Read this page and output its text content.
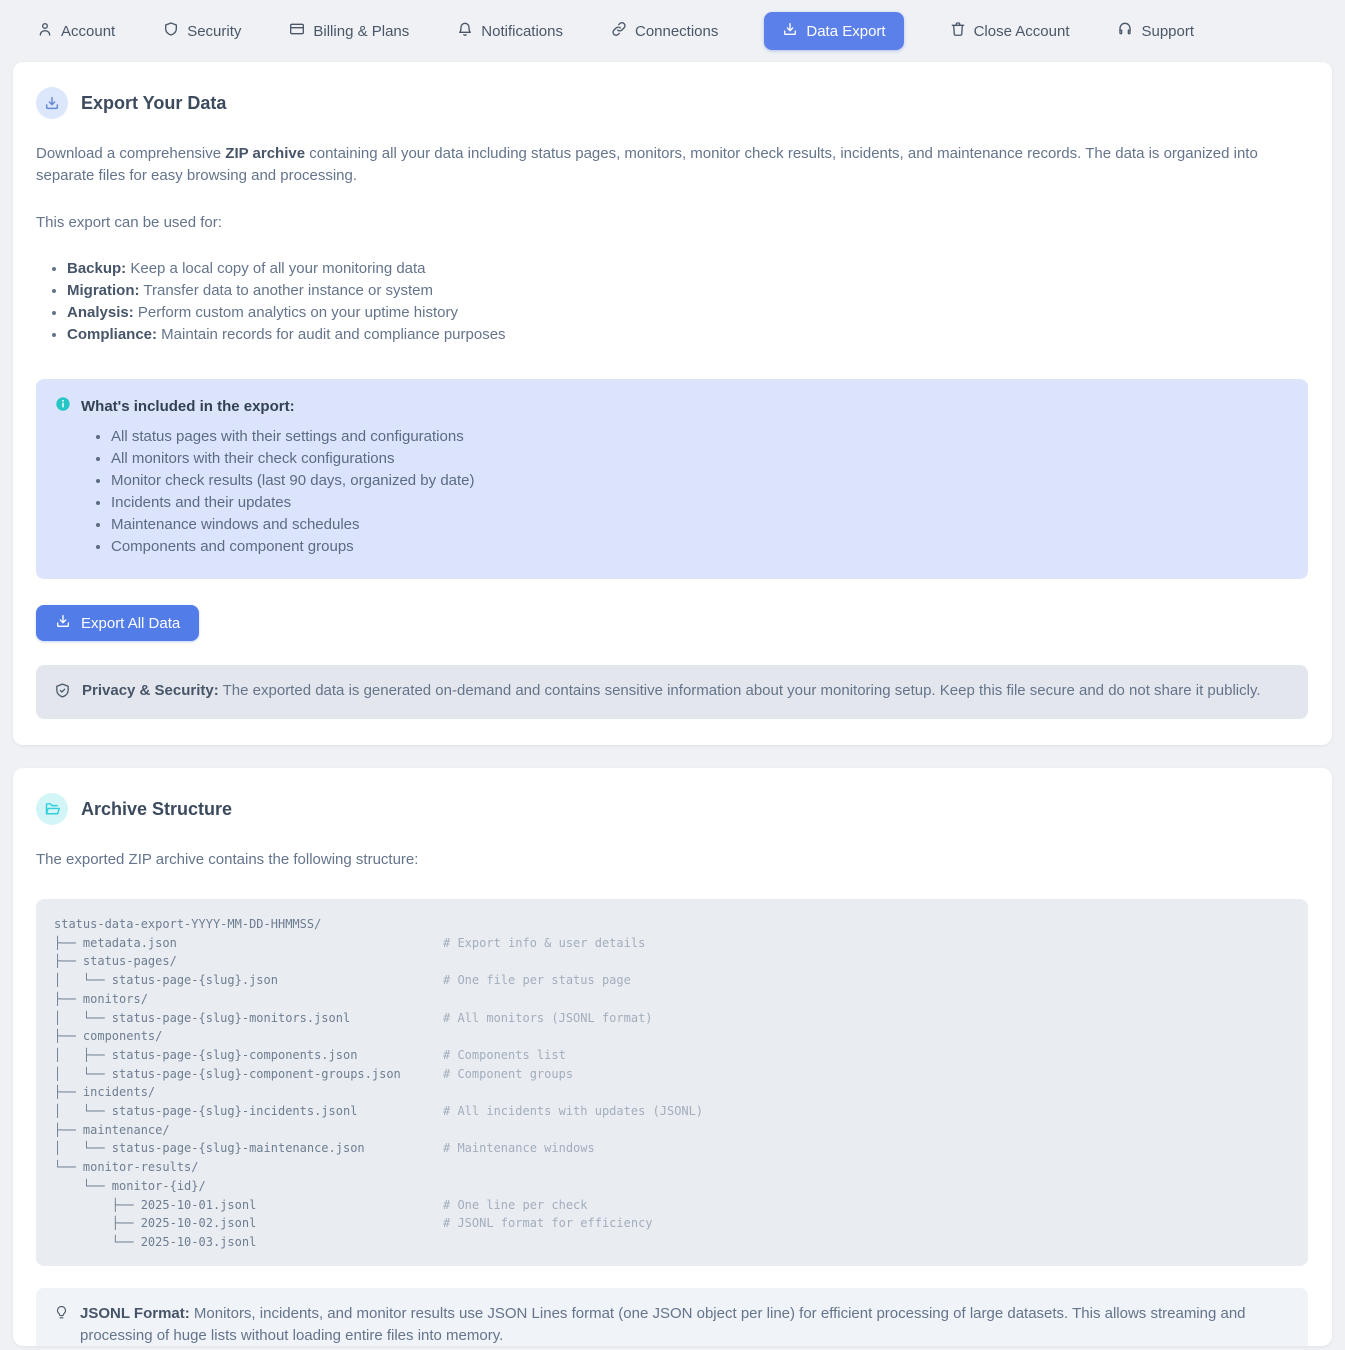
Account	Security	Billing & Plans	Notifications	Connections	Data Export	Close Account	Support
Export Your Data

Download a comprehensive ZIP archive containing all your data including status pages, monitors, monitor check results, incidents, and maintenance records. The data is organized into separate files for easy browsing and processing.

This export can be used for:

• Backup: Keep a local copy of all your monitoring data
• Migration: Transfer data to another instance or system
• Analysis: Perform custom analytics on your uptime history
• Compliance: Maintain records for audit and compliance purposes
What's included in the export:
• All status pages with their settings and configurations
• All monitors with their check configurations
• Monitor check results (last 90 days, organized by date)
• Incidents and their updates
• Maintenance windows and schedules
• Components and component groups
Export All Data

Privacy & Security: The exported data is generated on-demand and contains sensitive information about your monitoring setup. Keep this file secure and do not share it publicly.

Archive Structure

The exported ZIP archive contains the following structure:

status-data-export-YYYY-MM-DD-HHMMSS/
├── metadata.json	# Export info & user details
├── status-pages/
│   └── status-page-{slug}.json	# One file per status page
├── monitors/
│   └── status-page-{slug}-monitors.jsonl	# All monitors (JSONL format)
├── components/
│   ├── status-page-{slug}-components.json	# Components list
│   └── status-page-{slug}-component-groups.json	# Component groups
├── incidents/
│   └── status-page-{slug}-incidents.jsonl	# All incidents with updates (JSONL)
├── maintenance/
│   └── status-page-{slug}-maintenance.json	# Maintenance windows
└── monitor-results/
└── monitor-{id}/
├── 2025-10-01.jsonl	# One line per check
├── 2025-10-02.jsonl	# JSONL format for efficiency
└── 2025-10-03.jsonl

JSONL Format: Monitors, incidents, and monitor results use JSON Lines format (one JSON object per line) for efficient processing of large datasets. This allows streaming and processing of huge lists without loading entire files into memory.
